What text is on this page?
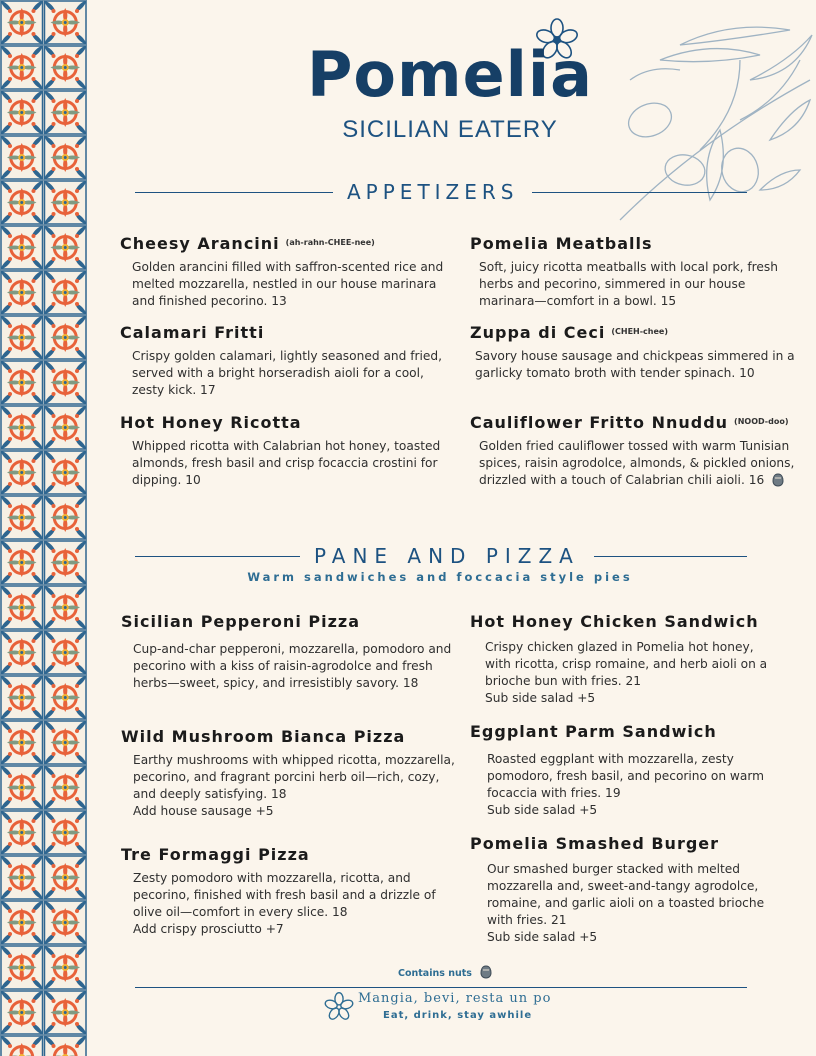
Pomelia
SICILIAN EATERY
APPETIZERS
Cheesy Arancini $^{(ah-rahn-CHEE-nee)}$
Golden arancini filled with saffron-scented rice and melted mozzarella, nestled in our house marinara and finished pecorino. 13
Calamari Fritti
Crispy golden calamari, lightly seasoned and fried, served with a bright horseradish aioli for a cool, zesty kick. 17
Hot Honey Ricotta
Whipped ricotta with Calabrian hot honey, toasted almonds, fresh basil and crisp focaccia crostini for dipping. 10
Pomelia Meatballs
Soft, juicy ricotta meatballs with local pork, fresh herbs and pecorino, simmered in our house marinara—comfort in a bowl. 15
Zuppa di Ceci $^{(CHEH-chee)}$
Savory house sausage and chickpeas simmered in a garlicky tomato broth with tender spinach. 10
Cauliflower Fritto Nnuddu $^{(NOOD-doo)}$
Golden fried cauliflower tossed with warm Tunisian spices, raisin agrodolce, almonds, & pickled onions, drizzled with a touch of Calabrian chili aioli. 16
PANE AND PIZZA
Warm sandwiches and foccacia style pies
Sicilian Pepperoni Pizza
Cup-and-char pepperoni, mozzarella, pomodoro and pecorino with a kiss of raisin-agrodolce and fresh herbs—sweet, spicy, and irresistibly savory. 18
Wild Mushroom Bianca Pizza
Earthy mushrooms with whipped ricotta, mozzarella, pecorino, and fragrant porcini herb oil—rich, cozy, and deeply satisfying. 18
Add house sausage +5
Tre Formaggi Pizza
Zesty pomodoro with mozzarella, ricotta, and pecorino, finished with fresh basil and a drizzle of olive oil—comfort in every slice. 18
Add crispy prosciutto +7
Hot Honey Chicken Sandwich
Crispy chicken glazed in Pomelia hot honey, with ricotta, crisp romaine, and herb aioli on a brioche bun with fries. 21
Sub side salad +5
Eggplant Parm Sandwich
Roasted eggplant with mozzarella, zesty pomodoro, fresh basil, and pecorino on warm focaccia with fries. 19
Sub side salad +5
Pomelia Smashed Burger
Our smashed burger stacked with melted mozzarella and, sweet-and-tangy agrodolce, romaine, and garlic aioli on a toasted brioche with fries. 21
Sub side salad +5
Contains nuts
Mangia, bevi, resta un po
Eat, drink, stay awhile
